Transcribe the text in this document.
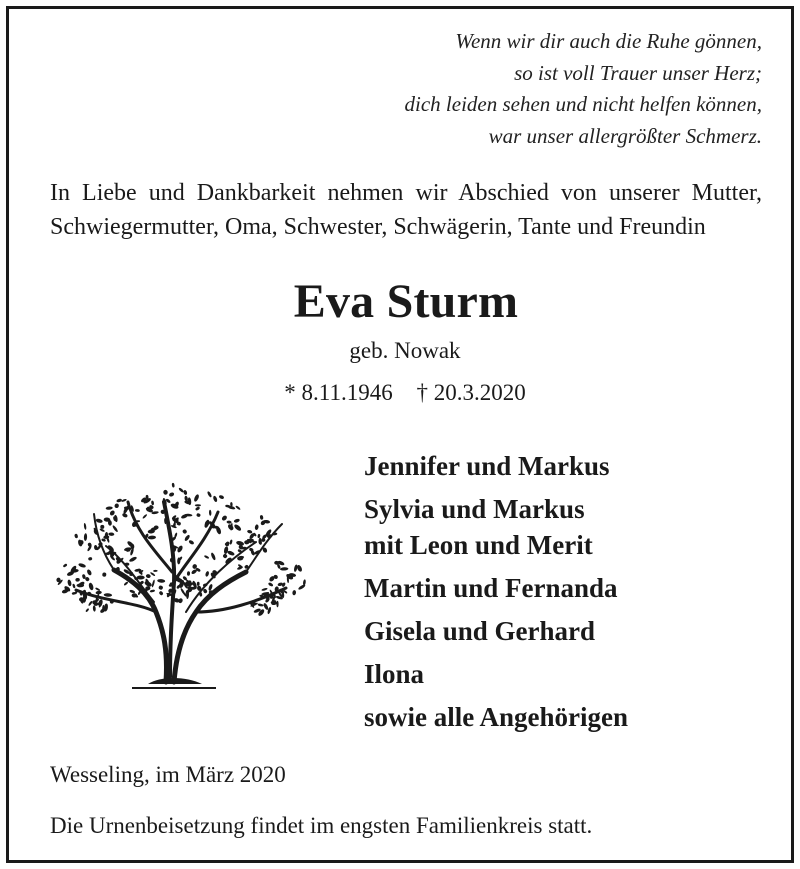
Wenn wir dir auch die Ruhe gönnen,
so ist voll Trauer unser Herz;
dich leiden sehen und nicht helfen können,
war unser allergrößter Schmerz.
In Liebe und Dankbarkeit nehmen wir Abschied von unserer Mutter, Schwiegermutter, Oma, Schwester, Schwägerin, Tante und Freundin
Eva Sturm
geb. Nowak
* 8.11.1946 † 20.3.2020
Jennifer und Markus
Sylvia und Markus
mit Leon und Merit
Martin und Fernanda
Gisela und Gerhard
Ilona
sowie alle Angehörigen
Wesseling, im März 2020
Die Urnenbeisetzung findet im engsten Familienkreis statt.
